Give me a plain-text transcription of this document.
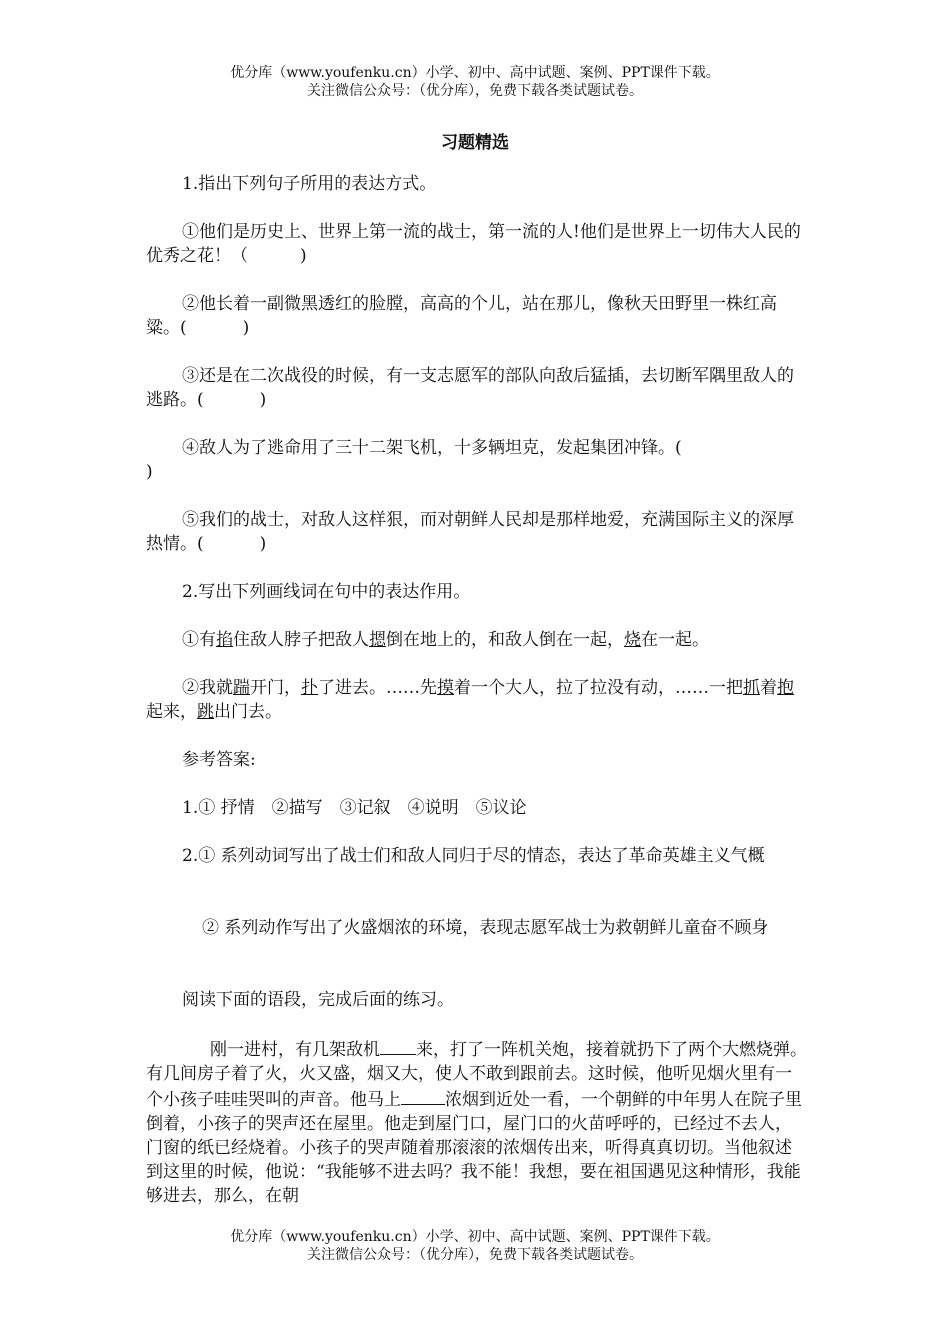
优分库（www.youfenku.cn）小学、初中、高中试题、案例、PPT课件下载。
关注微信公众号：（优分库），免费下载各类试题试卷。
习题精选

1.指出下列句子所用的表达方式。

①他们是历史上、世界上第一流的战士，第一流的人!他们是世界上一切伟大人民的优秀之花！（	)

②他长着一副微黑透红的脸膛，高高的个儿，站在那儿，像秋天田野里一株红高粱。(	)

③还是在二次战役的时候，有一支志愿军的部队向敌后猛插，去切断军隅里敌人的逃路。(	)

④敌人为了逃命用了三十二架飞机，十多辆坦克，发起集团冲锋。(
)

⑤我们的战士，对敌人这样狠，而对朝鲜人民却是那样地爱，充满国际主义的深厚热情。(	)

2.写出下列画线词在句中的表达作用。

①有掐住敌人脖子把敌人摁倒在地上的，和敌人倒在一起，烧在一起。

②我就踹开门，扑了进去。……先摸着一个大人，拉了拉没有动，……一把抓着抱起来，跳出门去。

参考答案:

1.① 抒情　②描写　③记叙　④说明　⑤议论

2.① 系列动词写出了战士们和敌人同归于尽的情态，表达了革命英雄主义气概

② 系列动作写出了火盛烟浓的环境，表现志愿军战士为救朝鲜儿童奋不顾身

阅读下面的语段，完成后面的练习。

刚一进村，有几架敌机 来，打了一阵机关炮，接着就扔下了两个大燃烧弹。有几间房子着了火，火又盛，烟又大，使人不敢到跟前去。这时候，他听见烟火里有一个小孩子哇哇哭叫的声音。他马上	浓烟到近处一看，一个朝鲜的中年男人在院子里倒着，小孩子的哭声还在屋里。他走到屋门口，屋门口的火苗呼呼的，已经过不去人，门窗的纸已经烧着。小孩子的哭声随着那滚滚的浓烟传出来，听得真真切切。当他叙述到这里的时候，他说：“我能够不进去吗？我不能！我想，要在祖国遇见这种情形，我能够进去，那么，在朝

优分库（www.youfenku.cn）小学、初中、高中试题、案例、PPT课件下载。
关注微信公众号：（优分库），免费下载各类试题试卷。
